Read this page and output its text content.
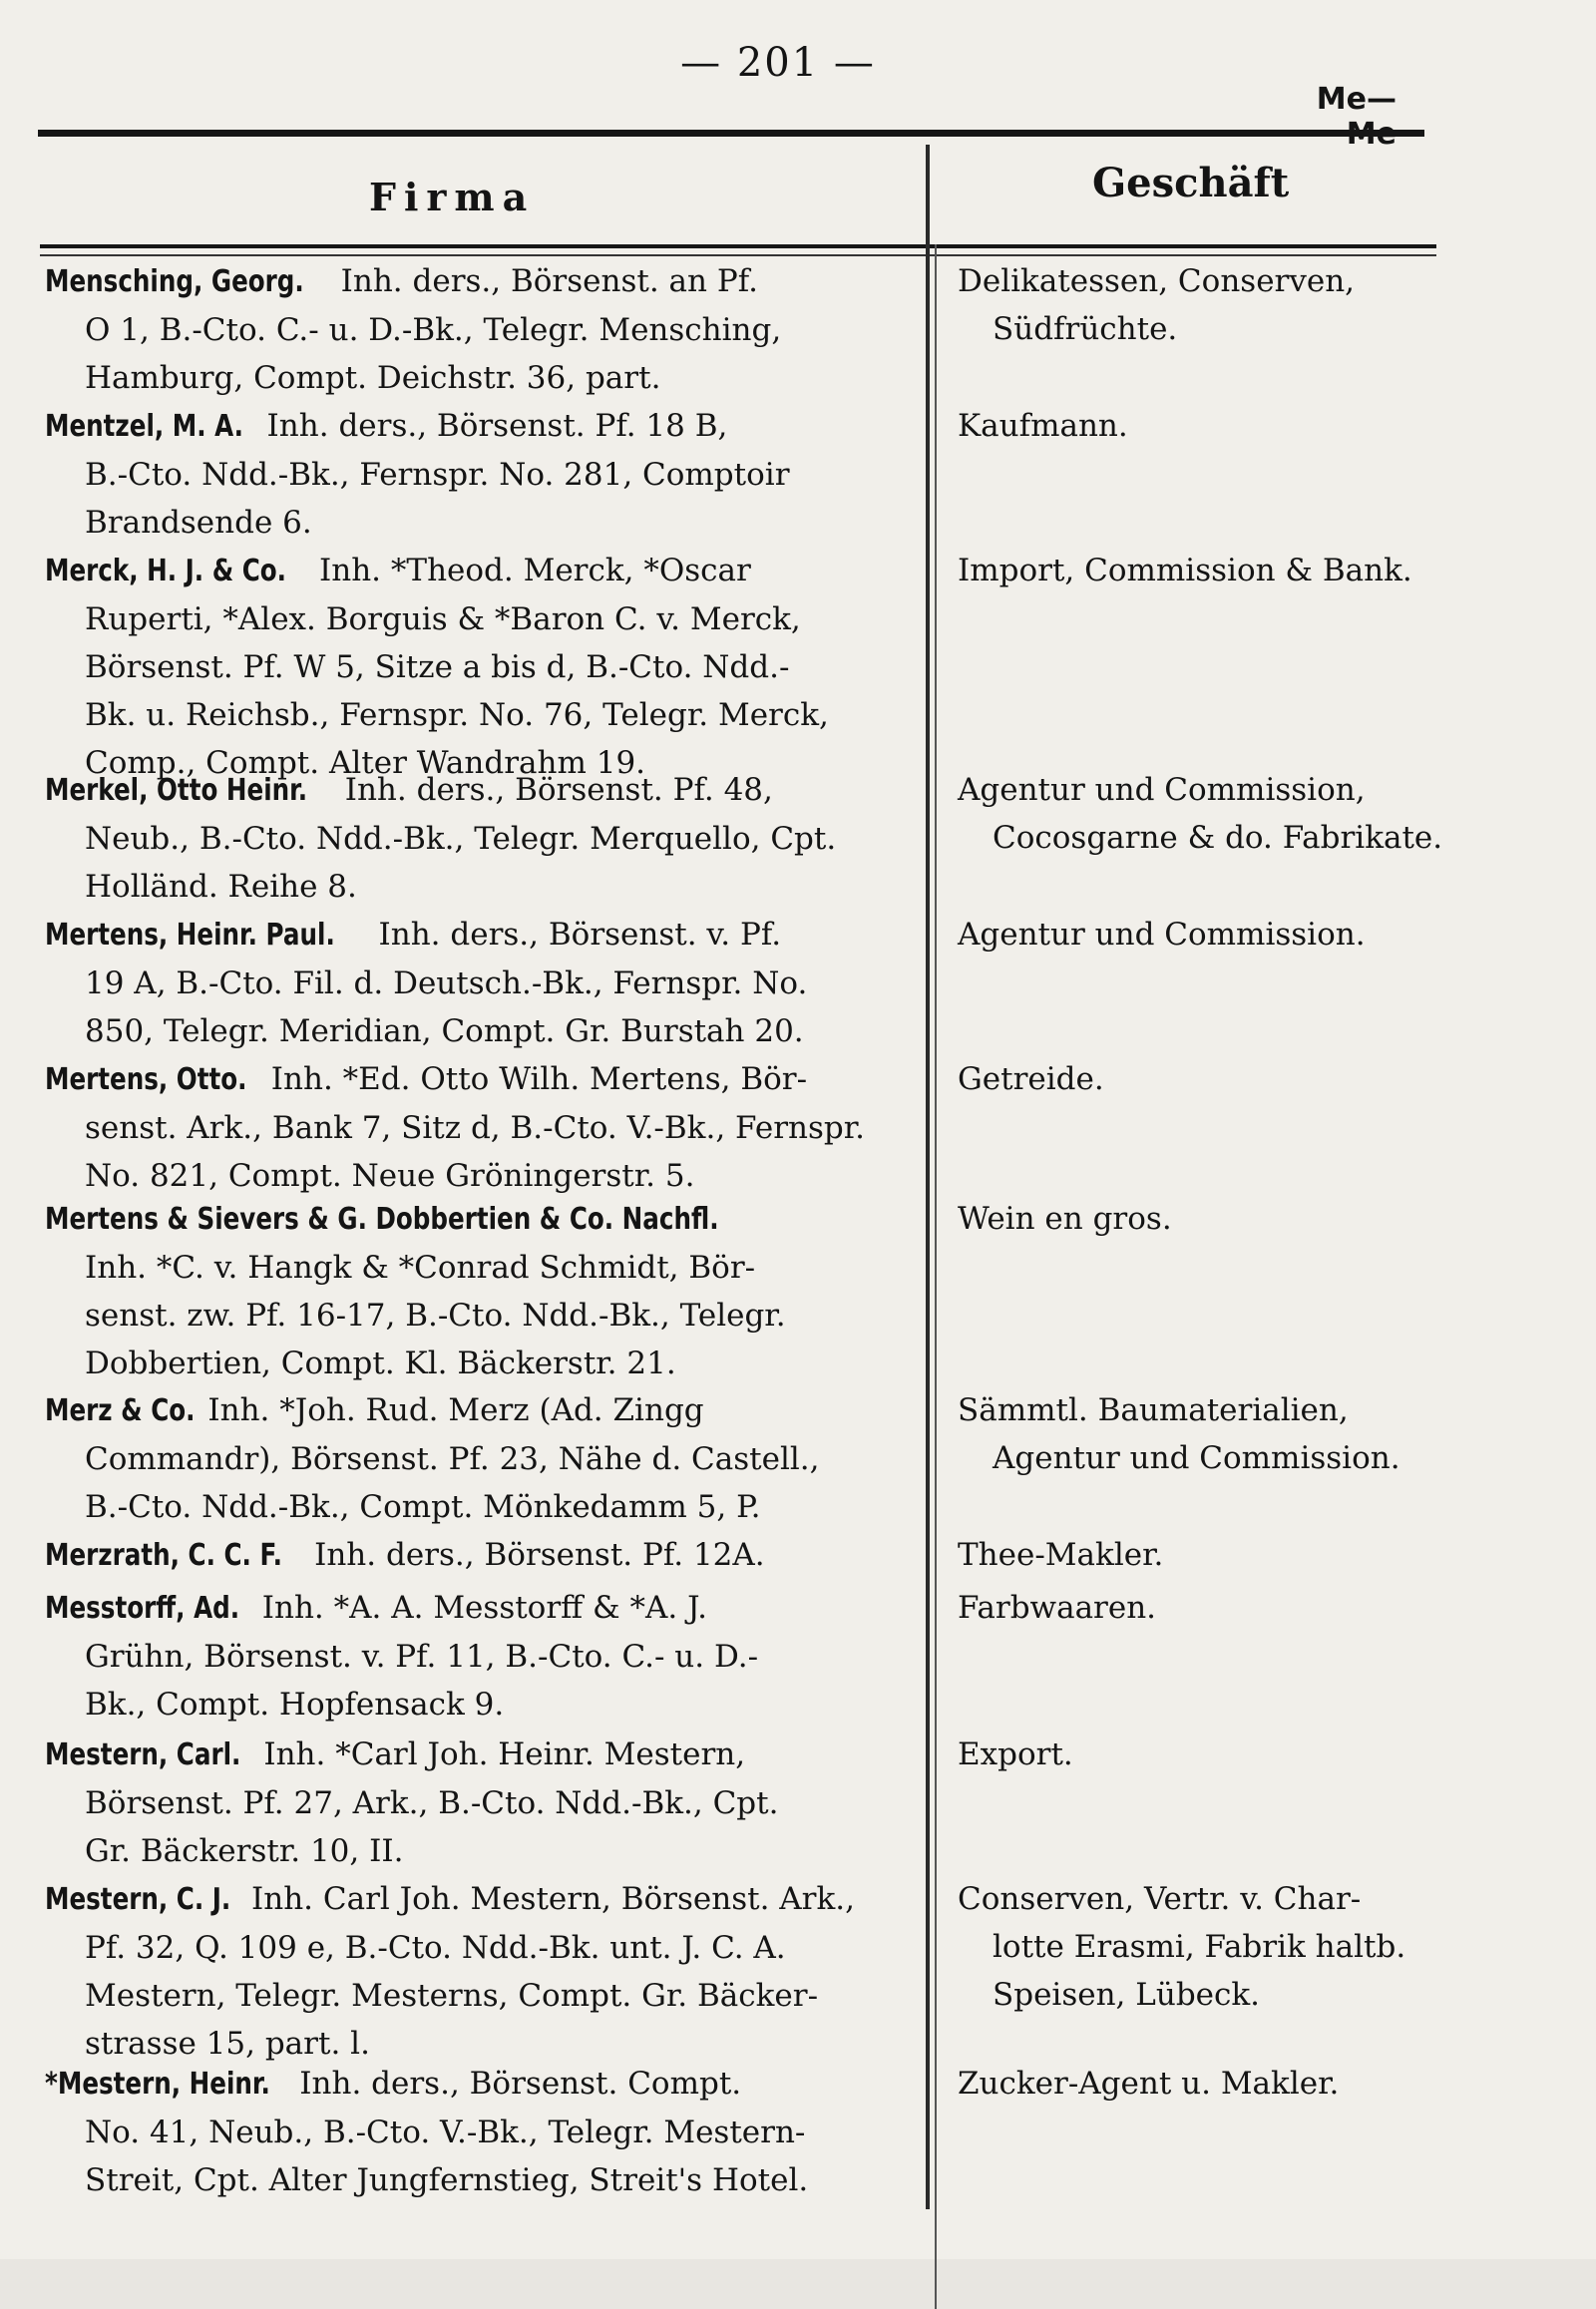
— 201 —
Me—
Firma	Geschäft
Mensching, Georg. Inh. ders., Börsenst. an Pf.
O 1, B.-Cto. C.- u. D.-Bk., Telegr. Mensching,
Hamburg, Compt. Deichstr. 36, part.
Delikatessen, Conserven,
Südfrüchte.
Mentzel, M. A. Inh. ders., Börsenst. Pf. 18 B,
B.-Cto. Ndd.-Bk., Fernspr. No. 281, Comptoir
Brandsende 6.
Kaufmann.
Merck, H. J. & Co. Inh. *Theod. Merck, *Oscar
Ruperti, *Alex. Borguis & *Baron C. v. Merck,
Börsenst. Pf. W 5, Sitze a bis d, B.-Cto. Ndd.-
Bk. u. Reichsb., Fernspr. No. 76, Telegr. Merck,
Comp., Compt. Alter Wandrahm 19.
Import, Commission & Bank.
Merkel, Otto Heinr. Inh. ders., Börsenst. Pf. 48,
Neub., B.-Cto. Ndd.-Bk., Telegr. Merquello, Cpt.
Holländ. Reihe 8.
Agentur und Commission,
Cocosgarne & do. Fabrikate.
Mertens, Heinr. Paul. Inh. ders., Börsenst. v. Pf.
19 A, B.-Cto. Fil. d. Deutsch.-Bk., Fernspr. No.
850, Telegr. Meridian, Compt. Gr. Burstah 20.
Agentur und Commission.
Mertens, Otto. Inh. *Ed. Otto Wilh. Mertens, Bör-
senst. Ark., Bank 7, Sitz d, B.-Cto. V.-Bk., Fernspr.
No. 821, Compt. Neue Gröningerstr. 5.
Getreide.
Mertens & Sievers & G. Dobbertien & Co. Nachfl.
Inh. *C. v. Hangk & *Conrad Schmidt, Bör-
senst. zw. Pf. 16-17, B.-Cto. Ndd.-Bk., Telegr.
Dobbertien, Compt. Kl. Bäckerstr. 21.
Wein en gros.
Merz & Co. Inh. *Joh. Rud. Merz (Ad. Zingg
Commandr), Börsenst. Pf. 23, Nähe d. Castell.,
B.-Cto. Ndd.-Bk., Compt. Mönkedamm 5, P.
Sämmtl. Baumaterialien,
Agentur und Commission.
Merzrath, C. C. F. Inh. ders., Börsenst. Pf. 12A.	Thee-Makler.
Messtorff, Ad. Inh. *A. A. Messtorff & *A. J.
Grühn, Börsenst. v. Pf. 11, B.-Cto. C.- u. D.-
Bk., Compt. Hopfensack 9.
Farbwaaren.
Mestern, Carl. Inh. *Carl Joh. Heinr. Mestern,
Börsenst. Pf. 27, Ark., B.-Cto. Ndd.-Bk., Cpt.
Gr. Bäckerstr. 10, II.
Export.
Mestern, C. J. Inh. Carl Joh. Mestern, Börsenst. Ark.,
Pf. 32, Q. 109 e, B.-Cto. Ndd.-Bk. unt. J. C. A.
Mestern, Telegr. Mesterns, Compt. Gr. Bäcker-
strasse 15, part. l.
Conserven, Vertr. v. Char-
lotte Erasmi, Fabrik haltb.
Speisen, Lübeck.
*Mestern, Heinr. Inh. ders., Börsenst. Compt.
No. 41, Neub., B.-Cto. V.-Bk., Telegr. Mestern-
Streit, Cpt. Alter Jungfernstieg, Streit's Hotel.
Zucker-Agent u. Makler.
